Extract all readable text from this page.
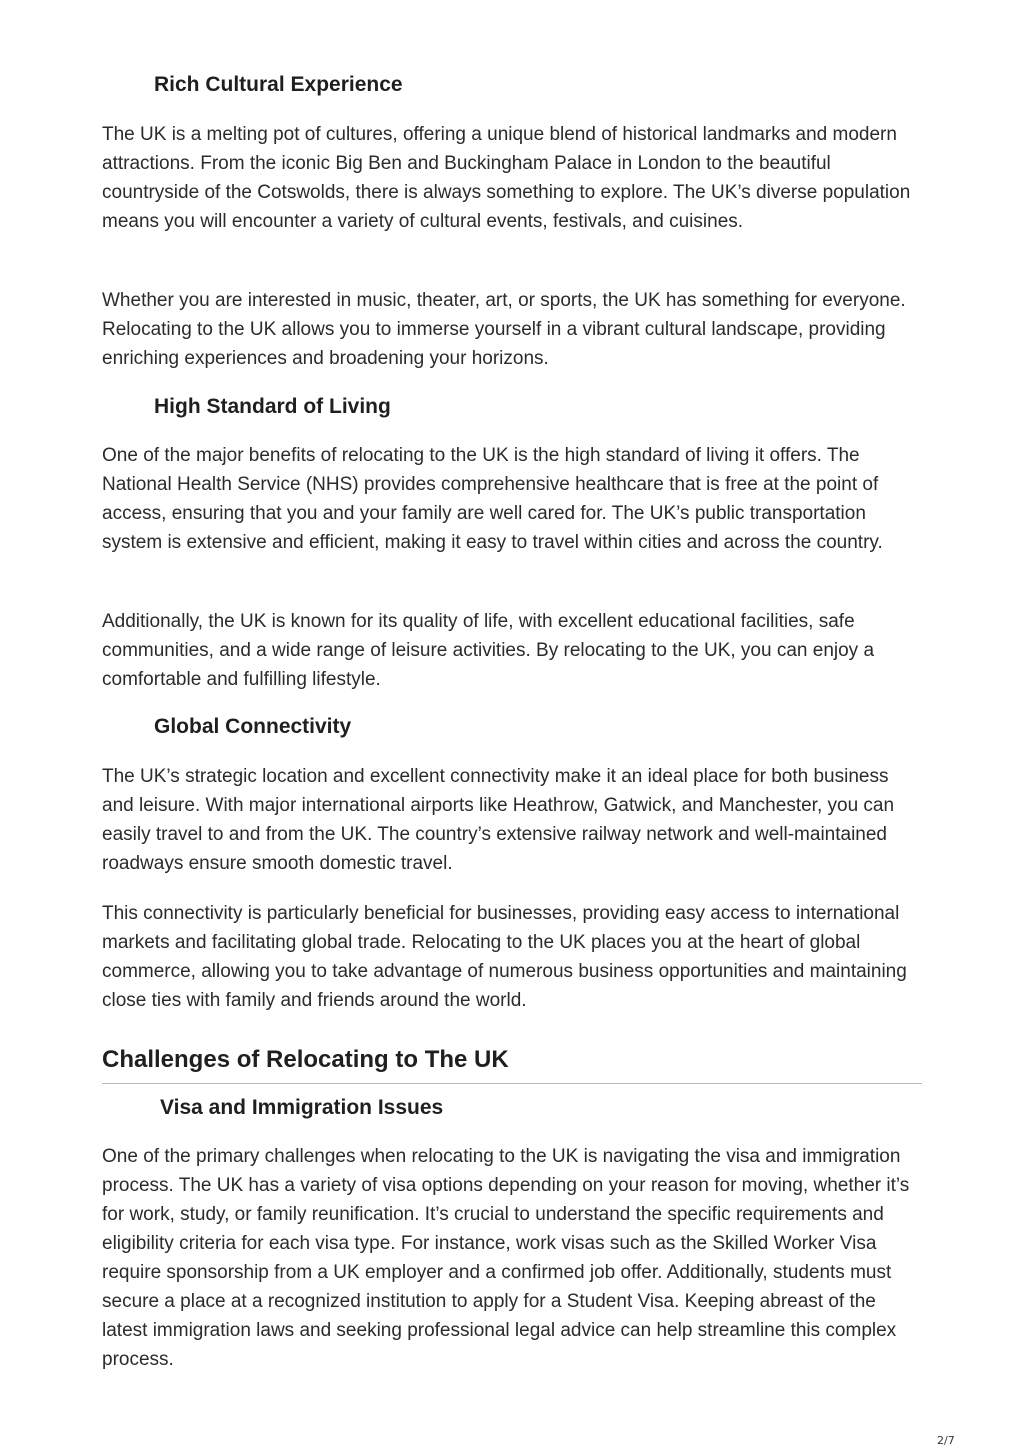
Rich Cultural Experience

The UK is a melting pot of cultures, offering a unique blend of historical landmarks and modern attractions. From the iconic Big Ben and Buckingham Palace in London to the beautiful countryside of the Cotswolds, there is always something to explore. The UK’s diverse population means you will encounter a variety of cultural events, festivals, and cuisines.

Whether you are interested in music, theater, art, or sports, the UK has something for everyone. Relocating to the UK allows you to immerse yourself in a vibrant cultural landscape, providing enriching experiences and broadening your horizons.

High Standard of Living

One of the major benefits of relocating to the UK is the high standard of living it offers. The National Health Service (NHS) provides comprehensive healthcare that is free at the point of access, ensuring that you and your family are well cared for. The UK’s public transportation system is extensive and efficient, making it easy to travel within cities and across the country.

Additionally, the UK is known for its quality of life, with excellent educational facilities, safe communities, and a wide range of leisure activities. By relocating to the UK, you can enjoy a comfortable and fulfilling lifestyle.

Global Connectivity

The UK’s strategic location and excellent connectivity make it an ideal place for both business and leisure. With major international airports like Heathrow, Gatwick, and Manchester, you can easily travel to and from the UK. The country’s extensive railway network and well-maintained roadways ensure smooth domestic travel.

This connectivity is particularly beneficial for businesses, providing easy access to international markets and facilitating global trade. Relocating to the UK places you at the heart of global commerce, allowing you to take advantage of numerous business opportunities and maintaining close ties with family and friends around the world.

Challenges of Relocating to The UK
Visa and Immigration Issues

One of the primary challenges when relocating to the UK is navigating the visa and immigration process. The UK has a variety of visa options depending on your reason for moving, whether it’s for work, study, or family reunification. It’s crucial to understand the specific requirements and eligibility criteria for each visa type. For instance, work visas such as the Skilled Worker Visa require sponsorship from a UK employer and a confirmed job offer. Additionally, students must secure a place at a recognized institution to apply for a Student Visa. Keeping abreast of the latest immigration laws and seeking professional legal advice can help streamline this complex process.

2/7
